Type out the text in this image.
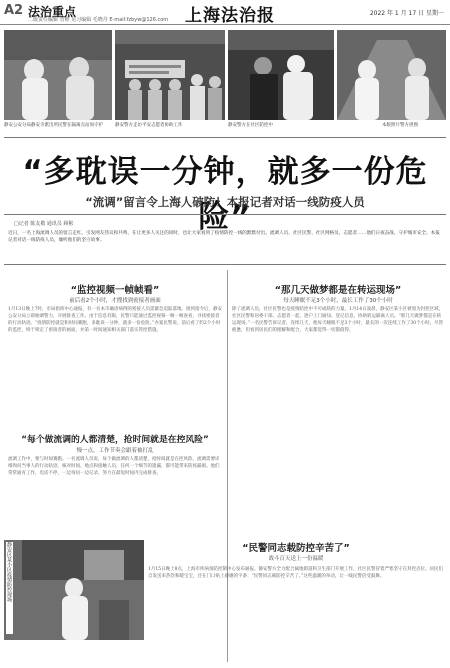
A2 法治重点
二级责任编辑 管维 见习编辑 毛晓丹 E-mail:fzbyw@126.com 上海法治报	2022 年 1 月 17 日 星期一
静安公安分局静安寺派出所民警在隔离点站岗守护	静安警方走访平安志愿者协助工作	静安警方在社区防控中	本版照片警方供图
“多耽误一分钟，就多一份危险”
“流调”留言令上海人破防！本报记者对话一线防疫人员
□记者 陈友敬 通讯员 顾彬
近日，一名上海流调人员的留言走红。引发网友热议和共鸣，在让更多人关注的同时，也让大家看到了疫情防控一线的默默付出。流调人员、社区民警、社区网格员、志愿者……他们日夜奋战、守护城市安全。本报记者对话一线防疫人员，倾听他们的坚守故事。
“监控视频一帧帧看”
前后看2个小时，才搜找到密接者画面
1月13日晚上7时，市局指挥中心通报，有一名本市确诊病例的密接人员需紧急追踪落地。接到指令后，静安公安分局立即抽调警力，开展排查工作。由于信息有限，民警只能通过监控视频一帧一帧查看，寻找密接者的行动轨迹。“疫情防控就是和时间赛跑，多耽误一分钟，就多一份危险。”办案民警说。前后看了约2个小时的监控，终于锁定了密接者的画面，并第一时间通知相关部门落实管控措施。
“那几天做梦都是在转运现场”
每天睡眠不足3个小时，最长工作了30个小时
除了流调人员，社区民警也是疫情防控中不可或缺的力量。1月14日凌晨，静安区某小区被划为封控区域，社区民警和居委干部、志愿者一起，逐户上门通知、登记信息，协助转运隔离人员。“那几天做梦都是在转运现场。”一名民警告诉记者，连续几天，他每天睡眠不足3个小时，最长的一次连续工作了30个小时。尽管疲惫，但看到居民们的理解和配合，大家都觉得一切都值得。
“每个做流调的人都清楚，抢时间就是在控风险”
慢一点，工作节奏会跟着被打乱
流调工作中，要与时间赛跑。一名流调人员说，每个做流调的人都清楚，抢时间就是在控风险。流调需要详细询问当事人的行动轨迹，核对时间、地点和接触人员，任何一个细节的遗漏，都可能带来防疫漏洞。他们常常通宵工作，电话不停，一边询问一边记录，努力在最短时间内完成排查。
静安区某小区疫情防控现场	“民警同志载防控辛苦了”
战斗百天送上一份温暖
1月15日晚上8点，上海市疾病预防控制中心发布通报。静安警方全力配合属地街道和卫生部门开展工作，社区民警冒着严寒坚守在封控点位。居民们自发送来热饮和暖宝宝，还在门口贴上感谢的字条：“民警同志载防控辛苦了。”这些温暖的举动，让一线民警倍受鼓舞。
